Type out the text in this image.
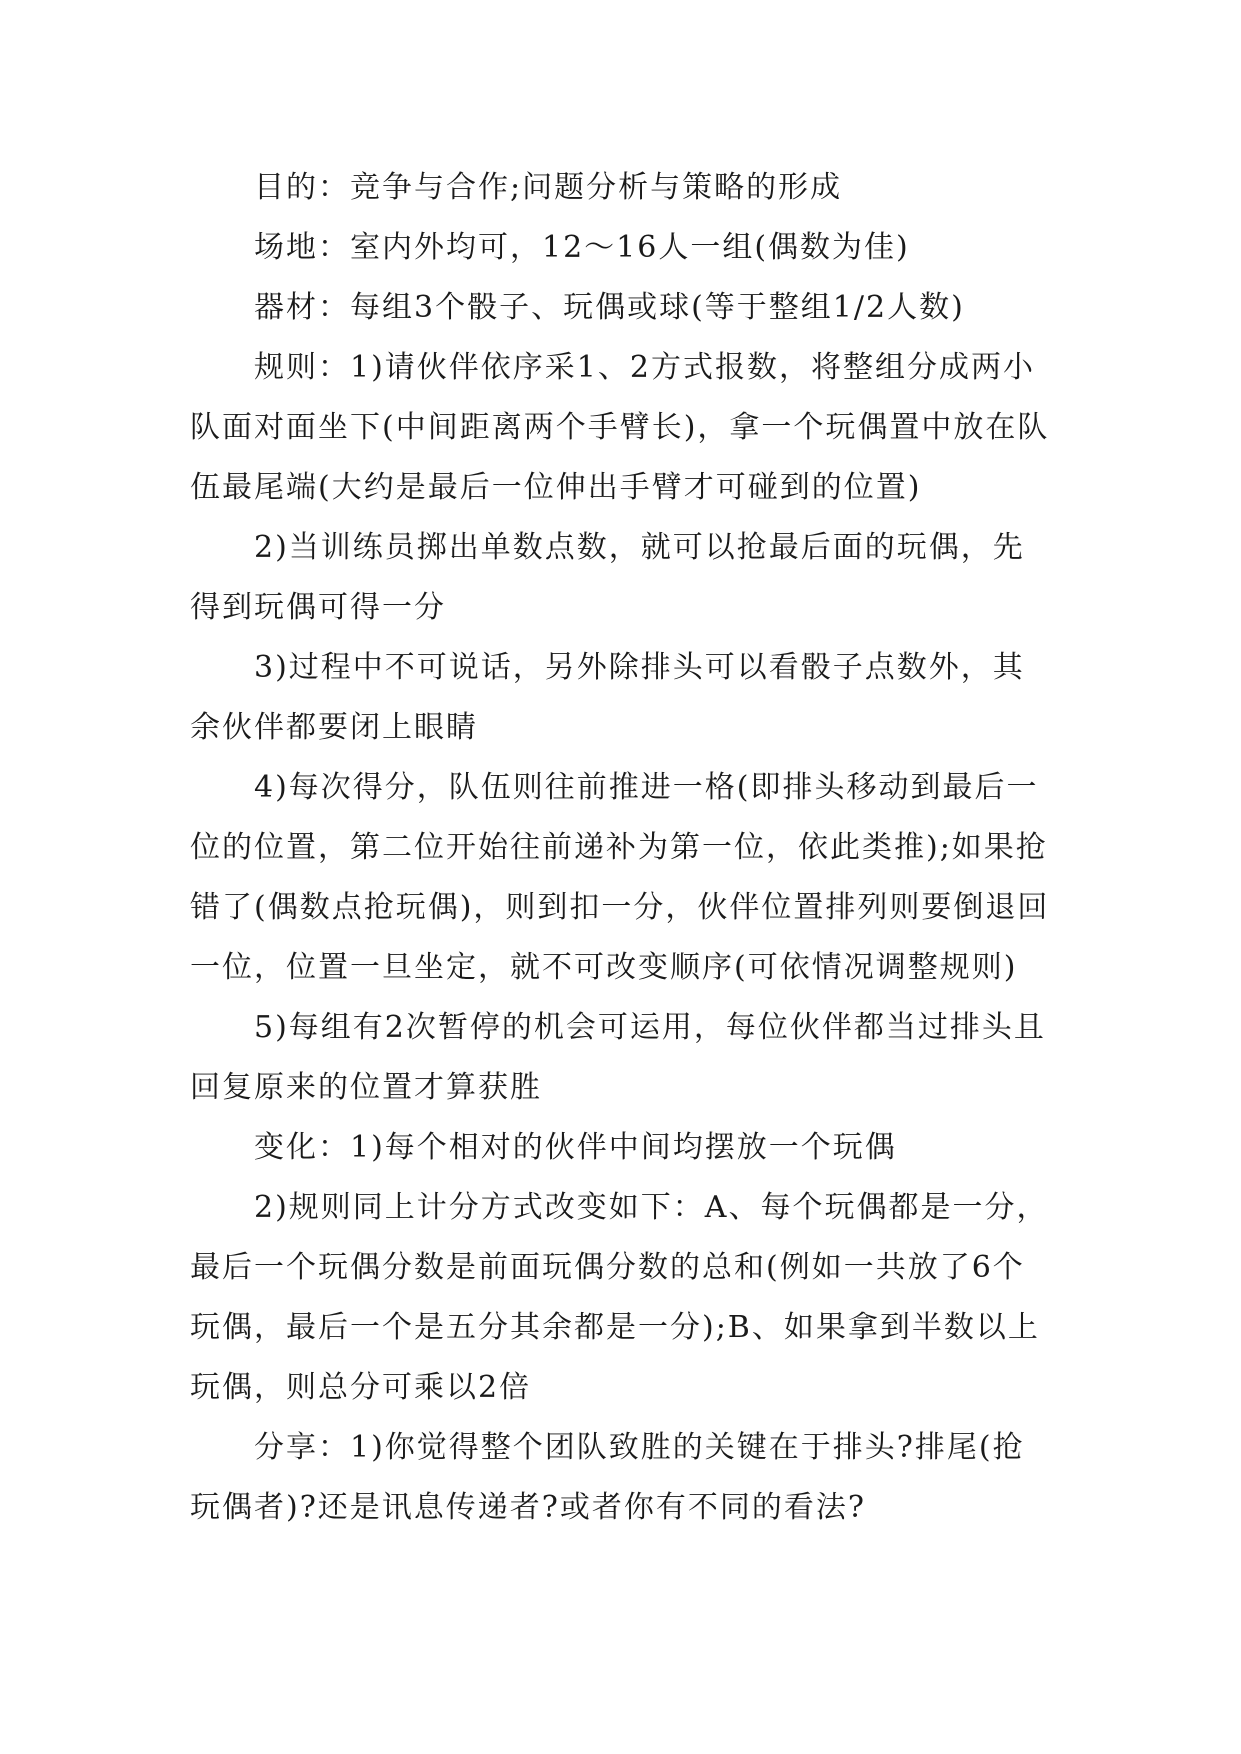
目的：竞争与合作;问题分析与策略的形成

场地：室内外均可，12～16人一组(偶数为佳)

器材：每组3个骰子、玩偶或球(等于整组1/2人数)

规则：1)请伙伴依序采1、2方式报数，将整组分成两小队面对面坐下(中间距离两个手臂长)，拿一个玩偶置中放在队伍最尾端(大约是最后一位伸出手臂才可碰到的位置)

2)当训练员掷出单数点数，就可以抢最后面的玩偶，先得到玩偶可得一分

3)过程中不可说话，另外除排头可以看骰子点数外，其余伙伴都要闭上眼睛

4)每次得分，队伍则往前推进一格(即排头移动到最后一位的位置，第二位开始往前递补为第一位，依此类推);如果抢错了(偶数点抢玩偶)，则到扣一分，伙伴位置排列则要倒退回一位，位置一旦坐定，就不可改变顺序(可依情况调整规则)

5)每组有2次暂停的机会可运用，每位伙伴都当过排头且回复原来的位置才算获胜

变化：1)每个相对的伙伴中间均摆放一个玩偶

2)规则同上计分方式改变如下：A、每个玩偶都是一分，最后一个玩偶分数是前面玩偶分数的总和(例如一共放了6个玩偶，最后一个是五分其余都是一分);B、如果拿到半数以上玩偶，则总分可乘以2倍

分享：1)你觉得整个团队致胜的关键在于排头?排尾(抢玩偶者)?还是讯息传递者?或者你有不同的看法?
